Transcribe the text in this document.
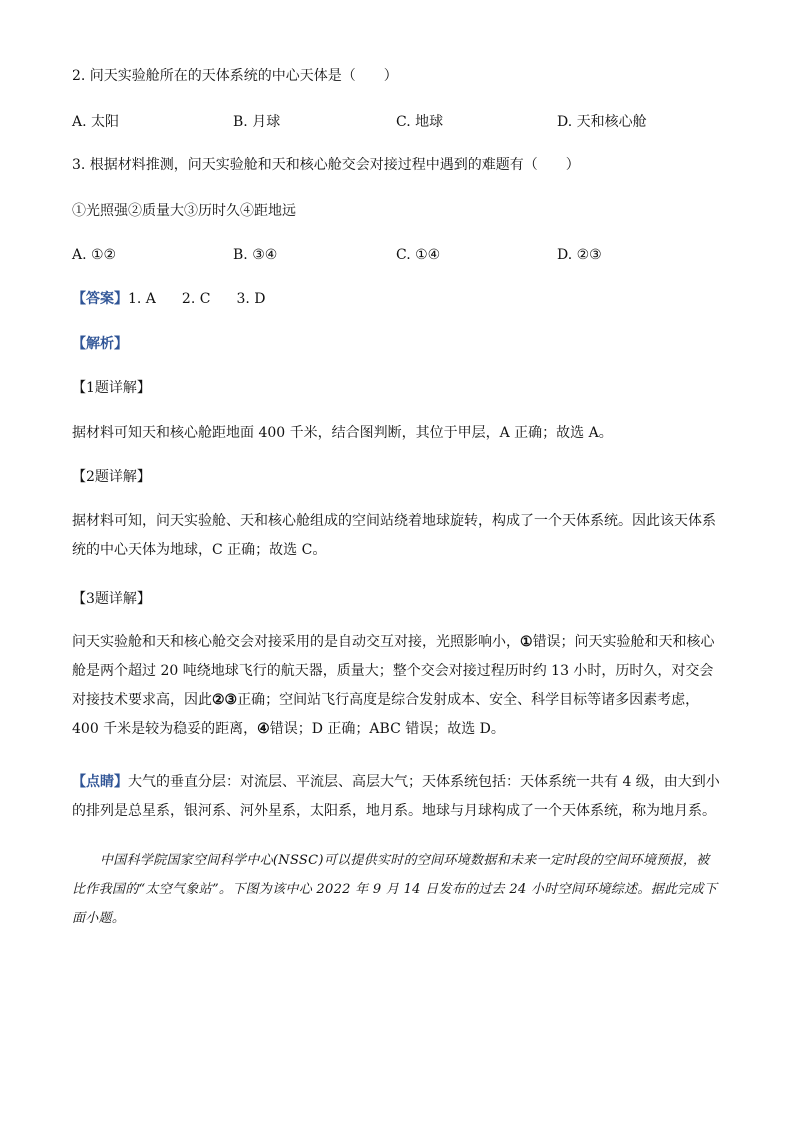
2. 问天实验舱所在的天体系统的中心天体是（　　）
A. 太阳	B. 月球	C. 地球	D. 天和核心舱
3. 根据材料推测，问天实验舱和天和核心舱交会对接过程中遇到的难题有（　　）
①光照强②质量大③历时久④距地远
A. ①②	B. ③④	C. ①④	D. ②③
【答案】1. A 2. C 3. D
【解析】
【1题详解】
据材料可知天和核心舱距地面 400 千米，结合图判断，其位于甲层，A 正确；故选 A。
【2题详解】
据材料可知，问天实验舱、天和核心舱组成的空间站绕着地球旋转，构成了一个天体系统。因此该天体系统的中心天体为地球，C 正确；故选 C。
【3题详解】
问天实验舱和天和核心舱交会对接采用的是自动交互对接，光照影响小，①错误；问天实验舱和天和核心舱是两个超过 20 吨绕地球飞行的航天器，质量大；整个交会对接过程历时约 13 小时，历时久，对交会对接技术要求高，因此②③正确；空间站飞行高度是综合发射成本、安全、科学目标等诸多因素考虑，400 千米是较为稳妥的距离，④错误；D 正确；ABC 错误；故选 D。
【点睛】大气的垂直分层：对流层、平流层、高层大气；天体系统包括：天体系统一共有 4 级，由大到小的排列是总星系，银河系、河外星系，太阳系，地月系。地球与月球构成了一个天体系统，称为地月系。
中国科学院国家空间科学中心(NSSC)可以提供实时的空间环境数据和未来一定时段的空间环境预报，被比作我国的“太空气象站”。下图为该中心 2022 年 9 月 14 日发布的过去 24 小时空间环境综述。据此完成下面小题。
